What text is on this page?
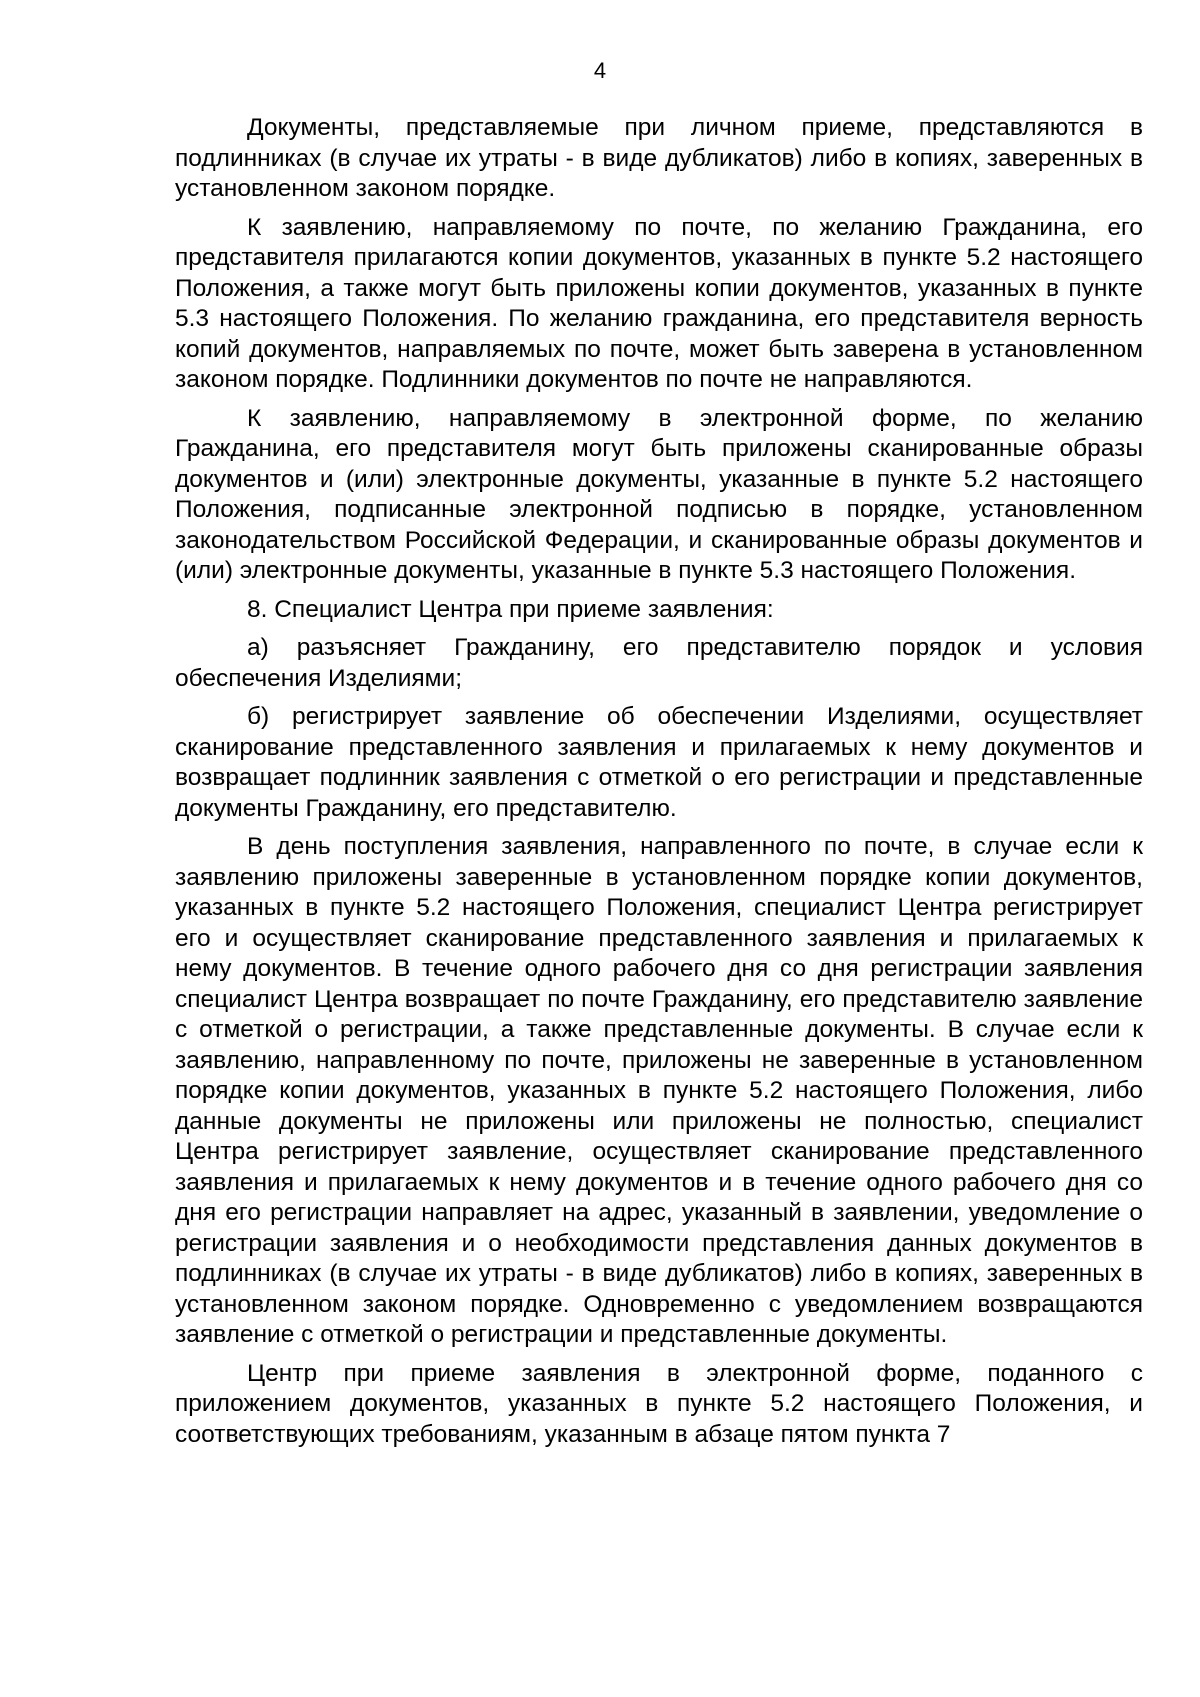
4

Документы, представляемые при личном приеме, представляются в подлинниках (в случае их утраты - в виде дубликатов) либо в копиях, заверенных в установленном законом порядке.

К заявлению, направляемому по почте, по желанию Гражданина, его представителя прилагаются копии документов, указанных в пункте 5.2 настоящего Положения, а также могут быть приложены копии документов, указанных в пункте 5.3 настоящего Положения. По желанию гражданина, его представителя верность копий документов, направляемых по почте, может быть заверена в установленном законом порядке. Подлинники документов по почте не направляются.

К заявлению, направляемому в электронной форме, по желанию Гражданина, его представителя могут быть приложены сканированные образы документов и (или) электронные документы, указанные в пункте 5.2 настоящего Положения, подписанные электронной подписью в порядке, установленном законодательством Российской Федерации, и сканированные образы документов и (или) электронные документы, указанные в пункте 5.3 настоящего Положения.

8. Специалист Центра при приеме заявления:

а) разъясняет Гражданину, его представителю порядок и условия обеспечения Изделиями;

б) регистрирует заявление об обеспечении Изделиями, осуществляет сканирование представленного заявления и прилагаемых к нему документов и возвращает подлинник заявления с отметкой о его регистрации и представленные документы Гражданину, его представителю.

В день поступления заявления, направленного по почте, в случае если к заявлению приложены заверенные в установленном порядке копии документов, указанных в пункте 5.2 настоящего Положения, специалист Центра регистрирует его и осуществляет сканирование представленного заявления и прилагаемых к нему документов. В течение одного рабочего дня со дня регистрации заявления специалист Центра возвращает по почте Гражданину, его представителю заявление с отметкой о регистрации, а также представленные документы. В случае если к заявлению, направленному по почте, приложены не заверенные в установленном порядке копии документов, указанных в пункте 5.2 настоящего Положения, либо данные документы не приложены или приложены не полностью, специалист Центра регистрирует заявление, осуществляет сканирование представленного заявления и прилагаемых к нему документов и в течение одного рабочего дня со дня его регистрации направляет на адрес, указанный в заявлении, уведомление о регистрации заявления и о необходимости представления данных документов в подлинниках (в случае их утраты - в виде дубликатов) либо в копиях, заверенных в установленном законом порядке. Одновременно с уведомлением возвращаются заявление с отметкой о регистрации и представленные документы.

Центр при приеме заявления в электронной форме, поданного с приложением документов, указанных в пункте 5.2 настоящего Положения, и соответствующих требованиям, указанным в абзаце пятом пункта 7
